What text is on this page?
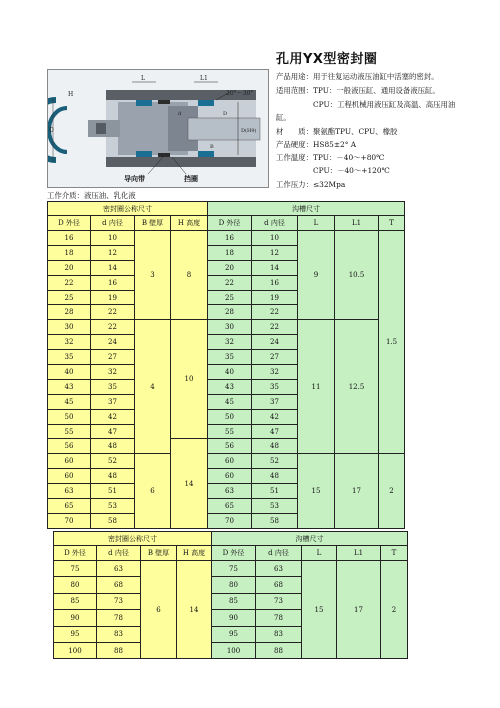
孔用YX型密封圈
H
D
L	L1
20°～30°
D(H9)
d	D
B
导向带	挡圈
产品用途：用于往复运动液压油缸中活塞的密封。
适用范围：TPU：一般液压缸、通用设备液压缸。
　　　　　CPU：工程机械用液压缸及高温、高压用油
缸。
材　　质：聚氨酯TPU、CPU、橡胶
产品硬度：HS85±2° A
工作温度：TPU：－40～+80℃
　　　　　CPU：－40～+120℃
工作压力：≤32Mpa
工作介质：液压油、乳化液
密封圈公称尺寸				沟槽尺寸				
D 外径	d 内径	B 壁厚	H 高度	D 外径	d 内径	L	L1	T
16	10	3	8	16	10	9	10.5	1.5
18	12			18	12			
20	14			20	14			
22	16			22	16			
25	19			25	19			
28	22			28	22			
30	22	4	10	30	22	11	12.5	
32	24			32	24			
35	27			35	27			
40	32			40	32			
43	35			43	35			
45	37			45	37			
50	42			50	42			
55	47			55	47			
56	48		14	56	48			
60	52	6		60	52	15	17	2
60	48			60	48			
63	51			63	51			
65	53			65	53			
70	58			70	58			
密封圈公称尺寸				沟槽尺寸				
D 外径	d 内径	B 壁厚	H 高度	D 外径	d 内径	L	L1	T
75	63	6	14	75	63	15	17	2
80	68			80	68			
85	73			85	73			
90	78			90	78			
95	83			95	83			
100	88			100	88			
